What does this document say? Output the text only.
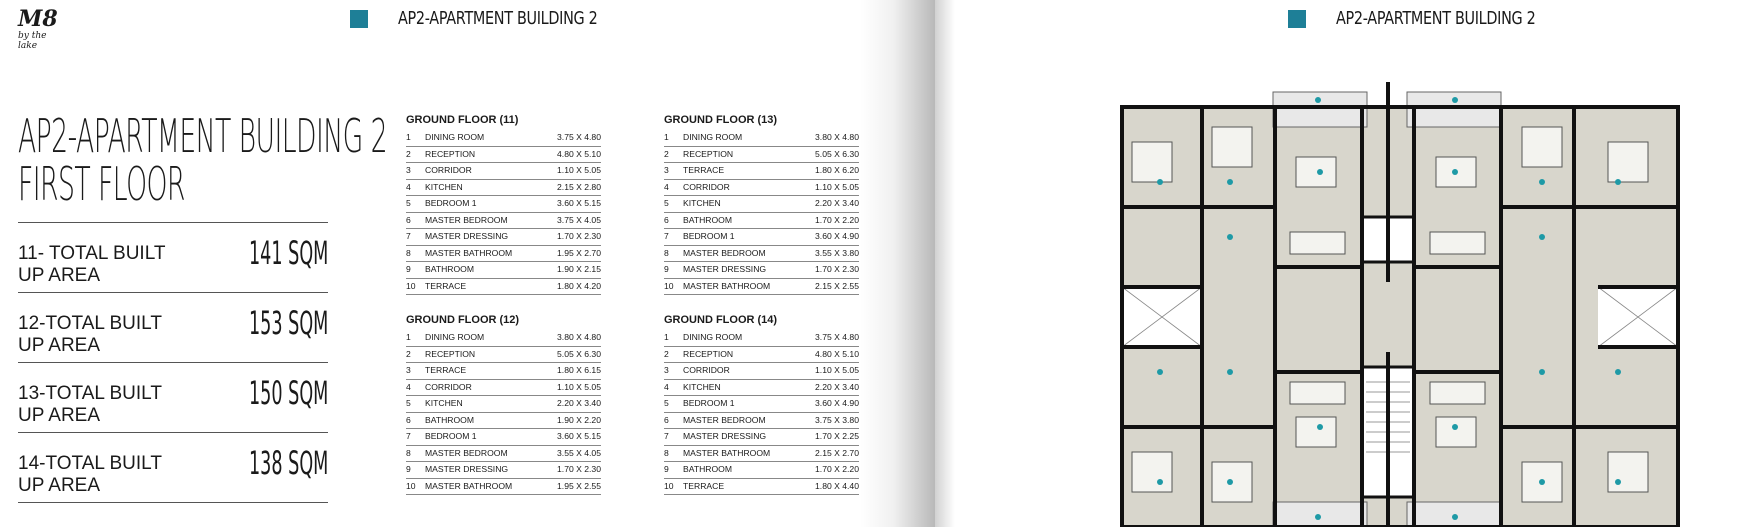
M8
by the lake
AP2-APARTMENT BUILDING 2
AP2-APARTMENT BUILDING 2
FIRST FLOOR
11- TOTAL BUILT UP AREA
141 SQM
12-TOTAL BUILT UP AREA
153 SQM
13-TOTAL BUILT UP AREA
150 SQM
14-TOTAL BUILT UP AREA
138 SQM
GROUND FLOOR (11)
1	DINING ROOM	3.75 X 4.80
2	RECEPTION	4.80 X 5.10
3	CORRIDOR	1.10 X 5.05
4	KITCHEN	2.15 X 2.80
5	BEDROOM 1	3.60 X 5.15
6	MASTER BEDROOM	3.75 X 4.05
7	MASTER DRESSING	1.70 X 2.30
8	MASTER BATHROOM	1.95 X 2.70
9	BATHROOM	1.90 X 2.15
10	TERRACE	1.80 X 4.20
GROUND FLOOR (13)
1	DINING ROOM	3.80 X 4.80
2	RECEPTION	5.05 X 6.30
3	TERRACE	1.80 X 6.20
4	CORRIDOR	1.10 X 5.05
5	KITCHEN	2.20 X 3.40
6	BATHROOM	1.70 X 2.20
7	BEDROOM 1	3.60 X 4.90
8	MASTER BEDROOM	3.55 X 3.80
9	MASTER DRESSING	1.70 X 2.30
10	MASTER BATHROOM	2.15 X 2.55
GROUND FLOOR (12)
1	DINING ROOM	3.80 X 4.80
2	RECEPTION	5.05 X 6.30
3	TERRACE	1.80 X 6.15
4	CORRIDOR	1.10 X 5.05
5	KITCHEN	2.20 X 3.40
6	BATHROOM	1.90 X 2.20
7	BEDROOM 1	3.60 X 5.15
8	MASTER BEDROOM	3.55 X 4.05
9	MASTER DRESSING	1.70 X 2.30
10	MASTER BATHROOM	1.95 X 2.55
GROUND FLOOR (14)
1	DINING ROOM	3.75 X 4.80
2	RECEPTION	4.80 X 5.10
3	CORRIDOR	1.10 X 5.05
4	KITCHEN	2.20 X 3.40
5	BEDROOM 1	3.60 X 4.90
6	MASTER BEDROOM	3.75 X 3.80
7	MASTER DRESSING	1.70 X 2.25
8	MASTER BATHROOM	2.15 X 2.70
9	BATHROOM	1.70 X 2.20
10	TERRACE	1.80 X 4.40
AP2-APARTMENT BUILDING 2
